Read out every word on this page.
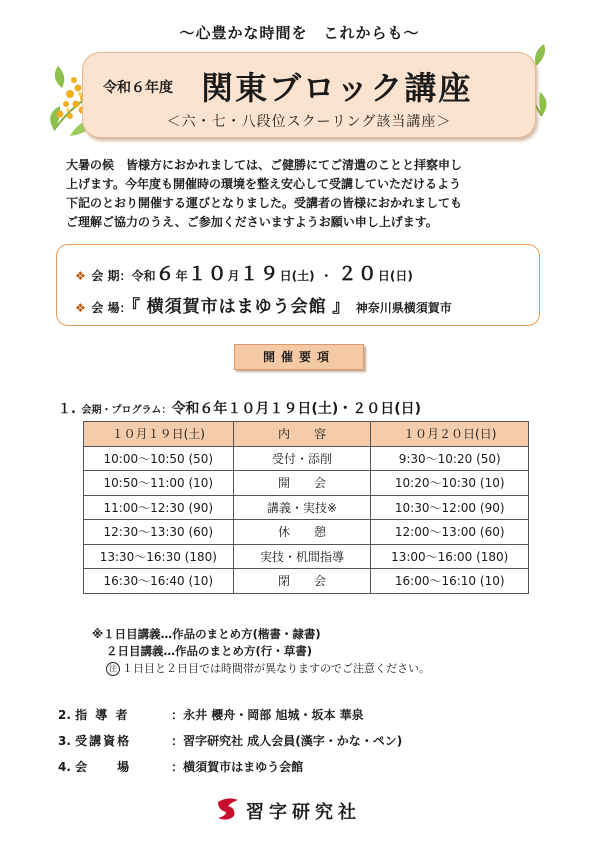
～心豊かな時間を　これからも～
令和６年度 関東ブロック講座
＜六・七・八段位スクーリング該当講座＞
大暑の候　皆様方におかれましては、ご健勝にてご清遣のことと拝察申し
上げます。今年度も開催時の環境を整え安心して受講していただけるよう
下記のとおり開催する運びとなりました。受講者の皆様におかれましても
ご理解ご協力のうえ、ご参加くださいますようお願い申し上げます。
❖ 会 期：令和６年１０月１９日(土) ・ ２０日(日)
❖ 会 場：『 横須賀市はまゆう会館 』 神奈川県横須賀市
開催要項
１. 会期・プログラム：令和６年１０月１９日(土)・２０日(日)
１０月１９日(土)	内　　容	１０月２０日(日)
10:00～10:50 (50)	受付・添削	9:30～10:20 (50)
10:50～11:00 (10)	開　　会	10:20～10:30 (10)
11:00～12:30 (90)	講義・実技※	10:30～12:00 (90)
12:30～13:30 (60)	休　　憩	12:00～13:00 (60)
13:30～16:30 (180)	実技・机間指導	13:00～16:00 (180)
16:30～16:40 (10)	閉　　会	16:00～16:10 (10)
※１日目講義…作品のまとめ方(楷書・隷書)
２日目講義…作品のまとめ方(行・草書)
注 １日目と２日目では時間帯が異なりますのでご注意ください。
2. 指 導 者	：永井 櫻舟・岡部 旭城・坂本 華泉
3. 受講資格	：習字研究社 成人会員(漢字・かな・ペン)
4. 会　　場	：横須賀市はまゆう会館
習字研究社
